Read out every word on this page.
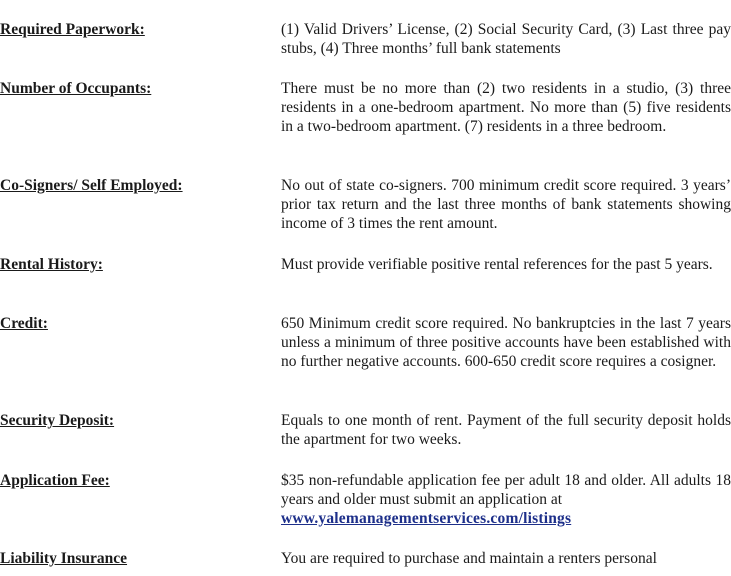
Required Paperwork:	(1) Valid Drivers’ License, (2) Social Security Card, (3) Last three pay stubs, (4) Three months’ full bank statements
Number of Occupants:	There must be no more than (2) two residents in a studio, (3) three residents in a one-bedroom apartment. No more than (5) five residents in a two-bedroom apartment. (7) residents in a three bedroom.
Co-Signers/ Self Employed:	No out of state co-signers. 700 minimum credit score required. 3 years’ prior tax return and the last three months of bank statements showing income of 3 times the rent amount.
Rental History:	Must provide verifiable positive rental references for the past 5 years.
Credit:	650 Minimum credit score required. No bankruptcies in the last 7 years unless a minimum of three positive accounts have been established with no further negative accounts. 600-650 credit score requires a cosigner.
Security Deposit:	Equals to one month of rent. Payment of the full security deposit holds the apartment for two weeks.
Application Fee:	$35 non-refundable application fee per adult 18 and older. All adults 18 years and older must submit an application at
www.yalemanagementservices.com/listings
Liability Insurance	You are required to purchase and maintain a renters personal
